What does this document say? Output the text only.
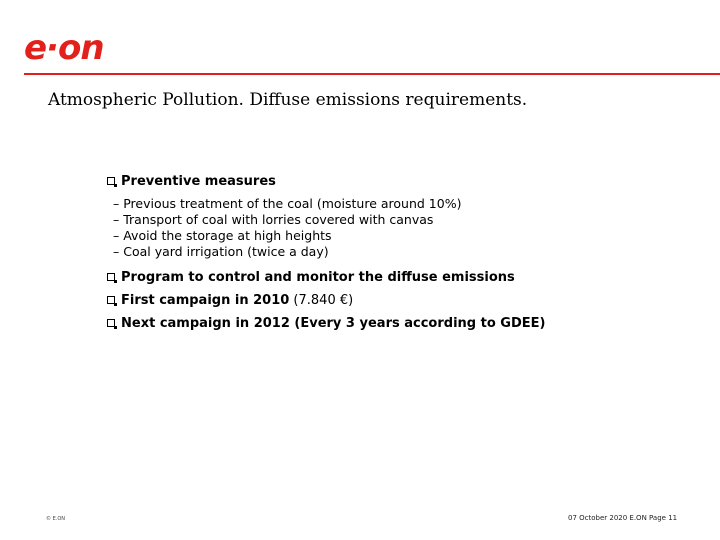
e·on
Atmospheric Pollution. Diffuse emissions requirements.
Preventive measures
– Previous treatment of the coal (moisture around 10%)
– Transport of coal with lorries covered with canvas
– Avoid the storage at high heights
– Coal yard irrigation (twice a day)
Program to control and monitor the diffuse emissions
First campaign in 2010 (7.840 €)
Next campaign in 2012 (Every 3 years according to GDEE)
© E.ON	07 October 2020 E.ON Page 11
